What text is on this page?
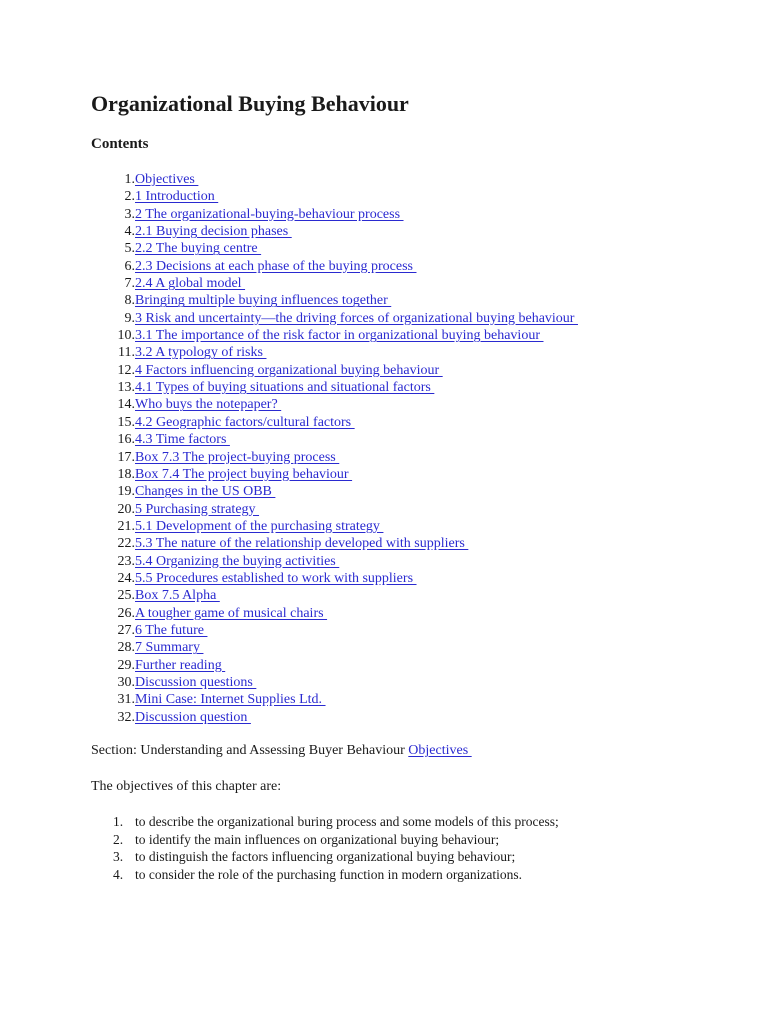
Organizational Buying Behaviour
Contents
1. Objectives
2. 1 Introduction
3. 2 The organizational-buying-behaviour process
4. 2.1 Buying decision phases
5. 2.2 The buying centre
6. 2.3 Decisions at each phase of the buying process
7. 2.4 A global model
8. Bringing multiple buying influences together
9. 3 Risk and uncertainty—the driving forces of organizational buying behaviour
10. 3.1 The importance of the risk factor in organizational buying behaviour
11. 3.2 A typology of risks
12. 4 Factors influencing organizational buying behaviour
13. 4.1 Types of buying situations and situational factors
14. Who buys the notepaper?
15. 4.2 Geographic factors/cultural factors
16. 4.3 Time factors
17. Box 7.3 The project-buying process
18. Box 7.4 The project buying behaviour
19. Changes in the US OBB
20. 5 Purchasing strategy
21. 5.1 Development of the purchasing strategy
22. 5.3 The nature of the relationship developed with suppliers
23. 5.4 Organizing the buying activities
24. 5.5 Procedures established to work with suppliers
25. Box 7.5 Alpha
26. A tougher game of musical chairs
27. 6 The future
28. 7 Summary
29. Further reading
30. Discussion questions
31. Mini Case: Internet Supplies Ltd.
32. Discussion question
Section: Understanding and Assessing Buyer Behaviour Objectives
The objectives of this chapter are:
1. to describe the organizational buring process and some models of this process;
2. to identify the main influences on organizational buying behaviour;
3. to distinguish the factors influencing organizational buying behaviour;
4. to consider the role of the purchasing function in modern organizations.
